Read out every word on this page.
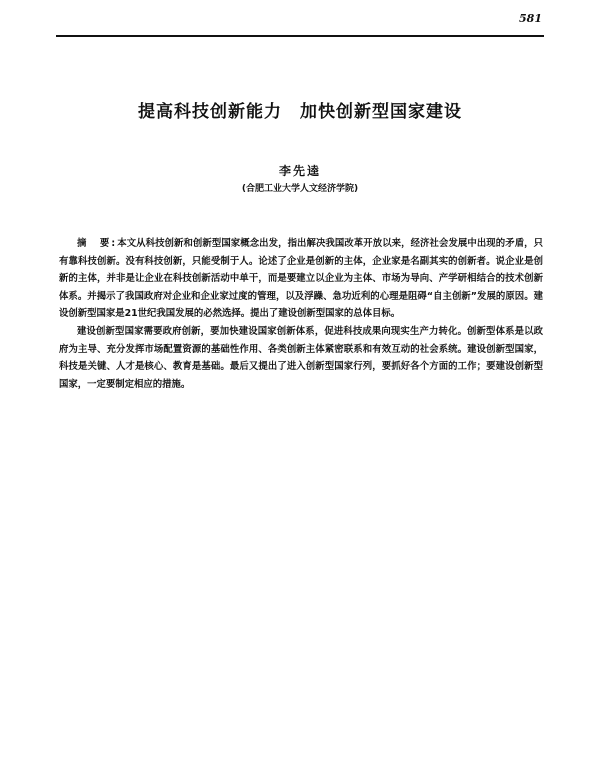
581
提高科技创新能力　加快创新型国家建设
李先逵
(合肥工业大学人文经济学院)

摘　要:本文从科技创新和创新型国家概念出发，指出解决我国改革开放以来，经济社会发展中出现的矛盾，只有靠科技创新。没有科技创新，只能受制于人。论述了企业是创新的主体，企业家是名副其实的创新者。说企业是创新的主体，并非是让企业在科技创新活动中单干，而是要建立以企业为主体、市场为导向、产学研相结合的技术创新体系。并揭示了我国政府对企业和企业家过度的管理，以及浮躁、急功近利的心理是阻碍“自主创新”发展的原因。建设创新型国家是21世纪我国发展的必然选择。提出了建设创新型国家的总体目标。

建设创新型国家需要政府创新，要加快建设国家创新体系，促进科技成果向现实生产力转化。创新型体系是以政府为主导、充分发挥市场配置资源的基础性作用、各类创新主体紧密联系和有效互动的社会系统。建设创新型国家，科技是关键、人才是核心、教育是基础。最后又提出了进入创新型国家行列，要抓好各个方面的工作；要建设创新型国家，一定要制定相应的措施。
